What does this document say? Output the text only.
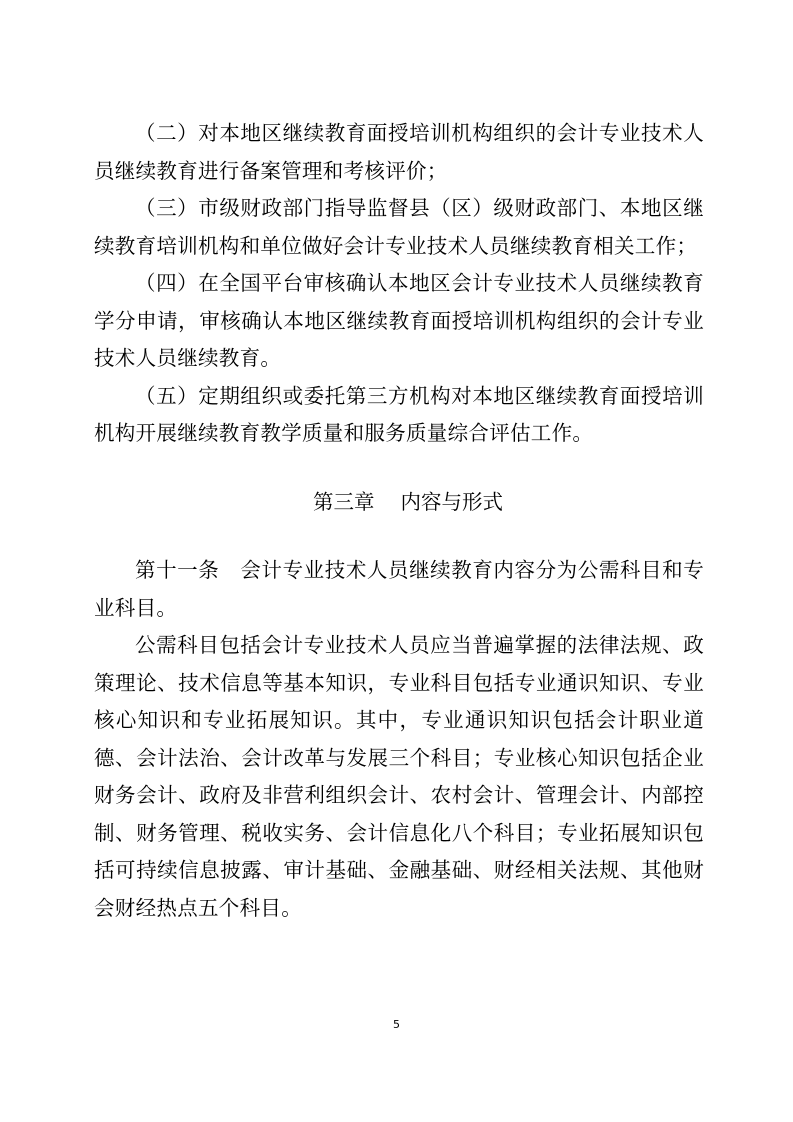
（二）对本地区继续教育面授培训机构组织的会计专业技术人员继续教育进行备案管理和考核评价；

（三）市级财政部门指导监督县（区）级财政部门、本地区继续教育培训机构和单位做好会计专业技术人员继续教育相关工作；

（四）在全国平台审核确认本地区会计专业技术人员继续教育学分申请，审核确认本地区继续教育面授培训机构组织的会计专业技术人员继续教育。

（五）定期组织或委托第三方机构对本地区继续教育面授培训机构开展继续教育教学质量和服务质量综合评估工作。

第三章 内容与形式

第十一条　会计专业技术人员继续教育内容分为公需科目和专业科目。

公需科目包括会计专业技术人员应当普遍掌握的法律法规、政策理论、技术信息等基本知识，专业科目包括专业通识知识、专业核心知识和专业拓展知识。其中，专业通识知识包括会计职业道德、会计法治、会计改革与发展三个科目；专业核心知识包括企业财务会计、政府及非营利组织会计、农村会计、管理会计、内部控制、财务管理、税收实务、会计信息化八个科目；专业拓展知识包括可持续信息披露、审计基础、金融基础、财经相关法规、其他财会财经热点五个科目。

5
